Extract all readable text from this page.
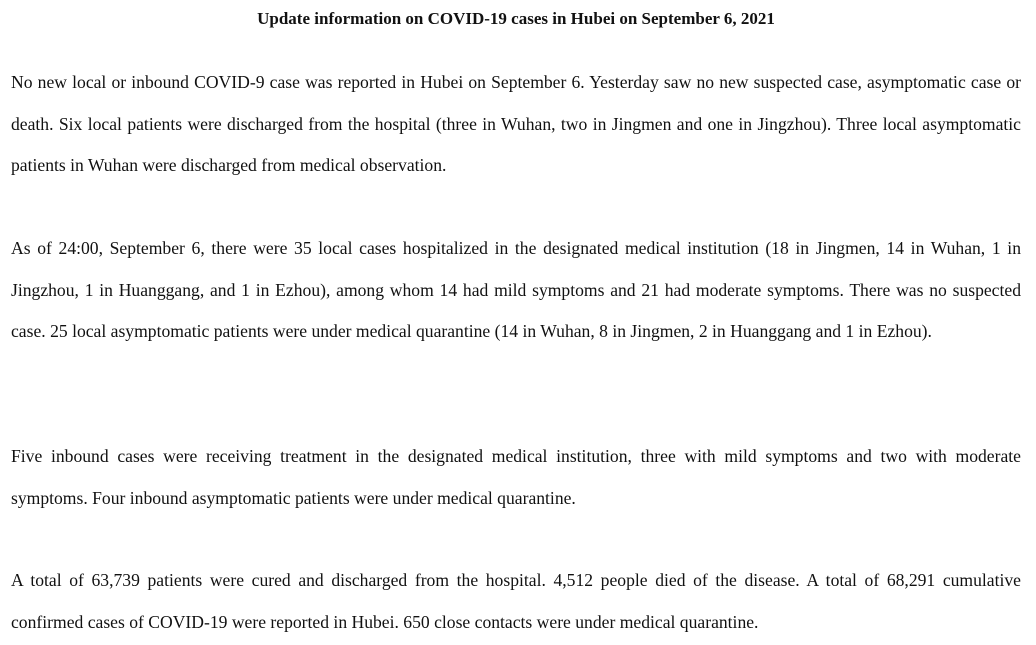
Update information on COVID-19 cases in Hubei on September 6, 2021

No new local or inbound COVID-9 case was reported in Hubei on September 6. Yesterday saw no new suspected case, asymptomatic case or death. Six local patients were discharged from the hospital (three in Wuhan, two in Jingmen and one in Jingzhou). Three local asymptomatic patients in Wuhan were discharged from medical observation.

As of 24:00, September 6, there were 35 local cases hospitalized in the designated medical institution (18 in Jingmen, 14 in Wuhan, 1 in Jingzhou, 1 in Huanggang, and 1 in Ezhou), among whom 14 had mild symptoms and 21 had moderate symptoms. There was no suspected case. 25 local asymptomatic patients were under medical quarantine (14 in Wuhan, 8 in Jingmen, 2 in Huanggang and 1 in Ezhou).

Five inbound cases were receiving treatment in the designated medical institution, three with mild symptoms and two with moderate symptoms. Four inbound asymptomatic patients were under medical quarantine.

A total of 63,739 patients were cured and discharged from the hospital. 4,512 people died of the disease. A total of 68,291 cumulative confirmed cases of COVID-19 were reported in Hubei. 650 close contacts were under medical quarantine.
